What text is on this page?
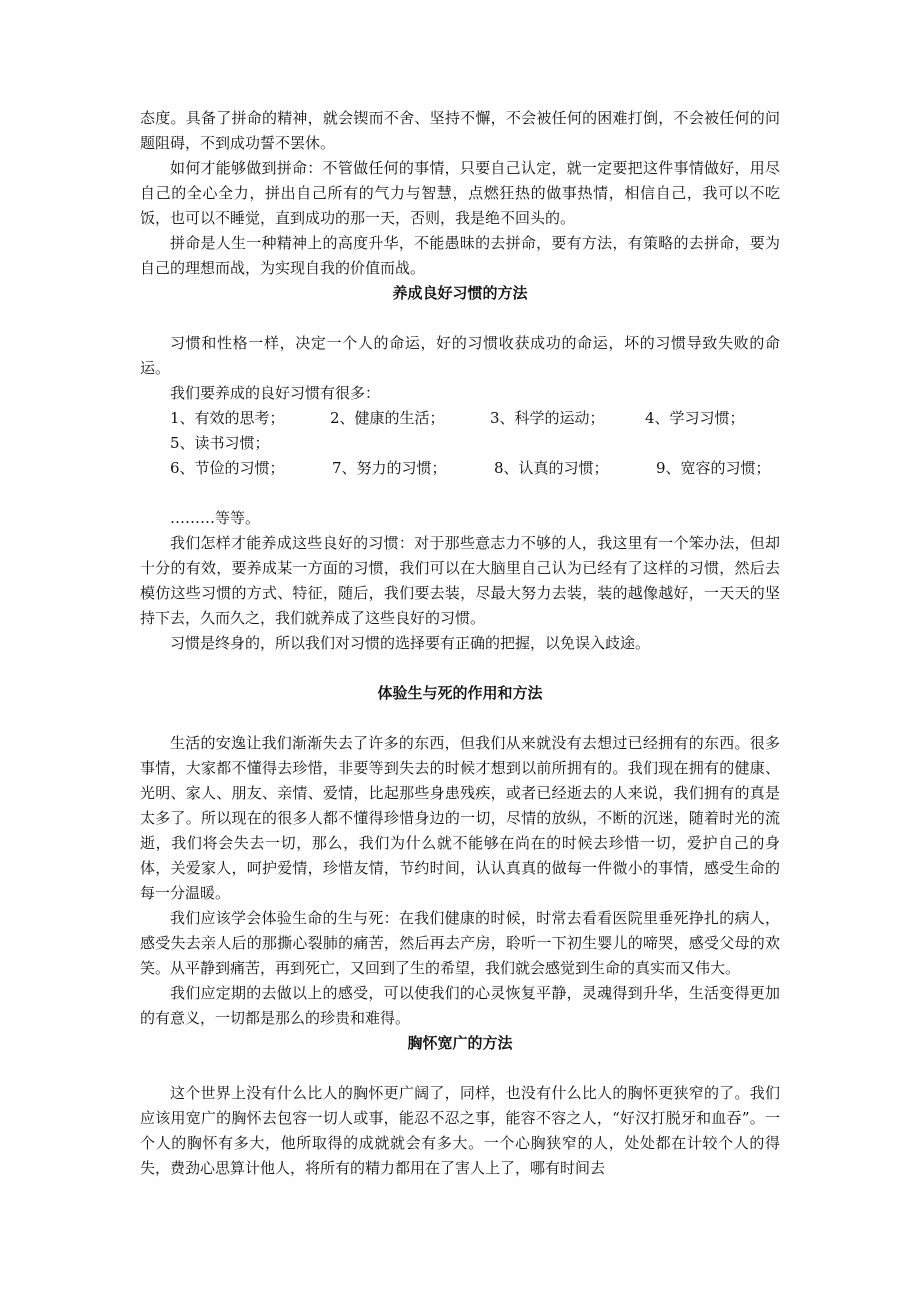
态度。具备了拼命的精神，就会锲而不舍、坚持不懈，不会被任何的困难打倒，不会被任何的问题阻碍，不到成功誓不罢休。

如何才能够做到拼命：不管做任何的事情，只要自己认定，就一定要把这件事情做好，用尽自己的全心全力，拼出自己所有的气力与智慧，点燃狂热的做事热情，相信自己，我可以不吃饭，也可以不睡觉，直到成功的那一天，否则，我是绝不回头的。

拼命是人生一种精神上的高度升华，不能愚昧的去拼命，要有方法，有策略的去拼命，要为自己的理想而战，为实现自我的价值而战。

养成良好习惯的方法

习惯和性格一样，决定一个人的命运，好的习惯收获成功的命运，坏的习惯导致失败的命运。

我们要养成的良好习惯有很多：

1、有效的思考；	2、健康的生活；	3、科学的运动；	4、学习习惯；
5、读书习惯；
6、节俭的习惯；	7、努力的习惯；	8、认真的习惯；	9、宽容的习惯；

………等等。

我们怎样才能养成这些良好的习惯：对于那些意志力不够的人，我这里有一个笨办法，但却十分的有效，要养成某一方面的习惯，我们可以在大脑里自己认为已经有了这样的习惯，然后去模仿这些习惯的方式、特征，随后，我们要去装，尽最大努力去装，装的越像越好，一天天的坚持下去，久而久之，我们就养成了这些良好的习惯。

习惯是终身的，所以我们对习惯的选择要有正确的把握，以免误入歧途。

体验生与死的作用和方法

生活的安逸让我们渐渐失去了许多的东西，但我们从来就没有去想过已经拥有的东西。很多事情，大家都不懂得去珍惜，非要等到失去的时候才想到以前所拥有的。我们现在拥有的健康、光明、家人、朋友、亲情、爱情，比起那些身患残疾，或者已经逝去的人来说，我们拥有的真是太多了。所以现在的很多人都不懂得珍惜身边的一切，尽情的放纵，不断的沉迷，随着时光的流逝，我们将会失去一切，那么，我们为什么就不能够在尚在的时候去珍惜一切，爱护自己的身体，关爱家人，呵护爱情，珍惜友情，节约时间，认认真真的做每一件微小的事情，感受生命的每一分温暖。

我们应该学会体验生命的生与死：在我们健康的时候，时常去看看医院里垂死挣扎的病人，感受失去亲人后的那撕心裂肺的痛苦，然后再去产房，聆听一下初生婴儿的啼哭，感受父母的欢笑。从平静到痛苦，再到死亡，又回到了生的希望，我们就会感觉到生命的真实而又伟大。

我们应定期的去做以上的感受，可以使我们的心灵恢复平静，灵魂得到升华，生活变得更加的有意义，一切都是那么的珍贵和难得。

胸怀宽广的方法

这个世界上没有什么比人的胸怀更广阔了，同样，也没有什么比人的胸怀更狭窄的了。我们应该用宽广的胸怀去包容一切人或事，能忍不忍之事，能容不容之人，“好汉打脱牙和血吞”。一个人的胸怀有多大，他所取得的成就就会有多大。一个心胸狭窄的人，处处都在计较个人的得失，费劲心思算计他人，将所有的精力都用在了害人上了，哪有时间去
